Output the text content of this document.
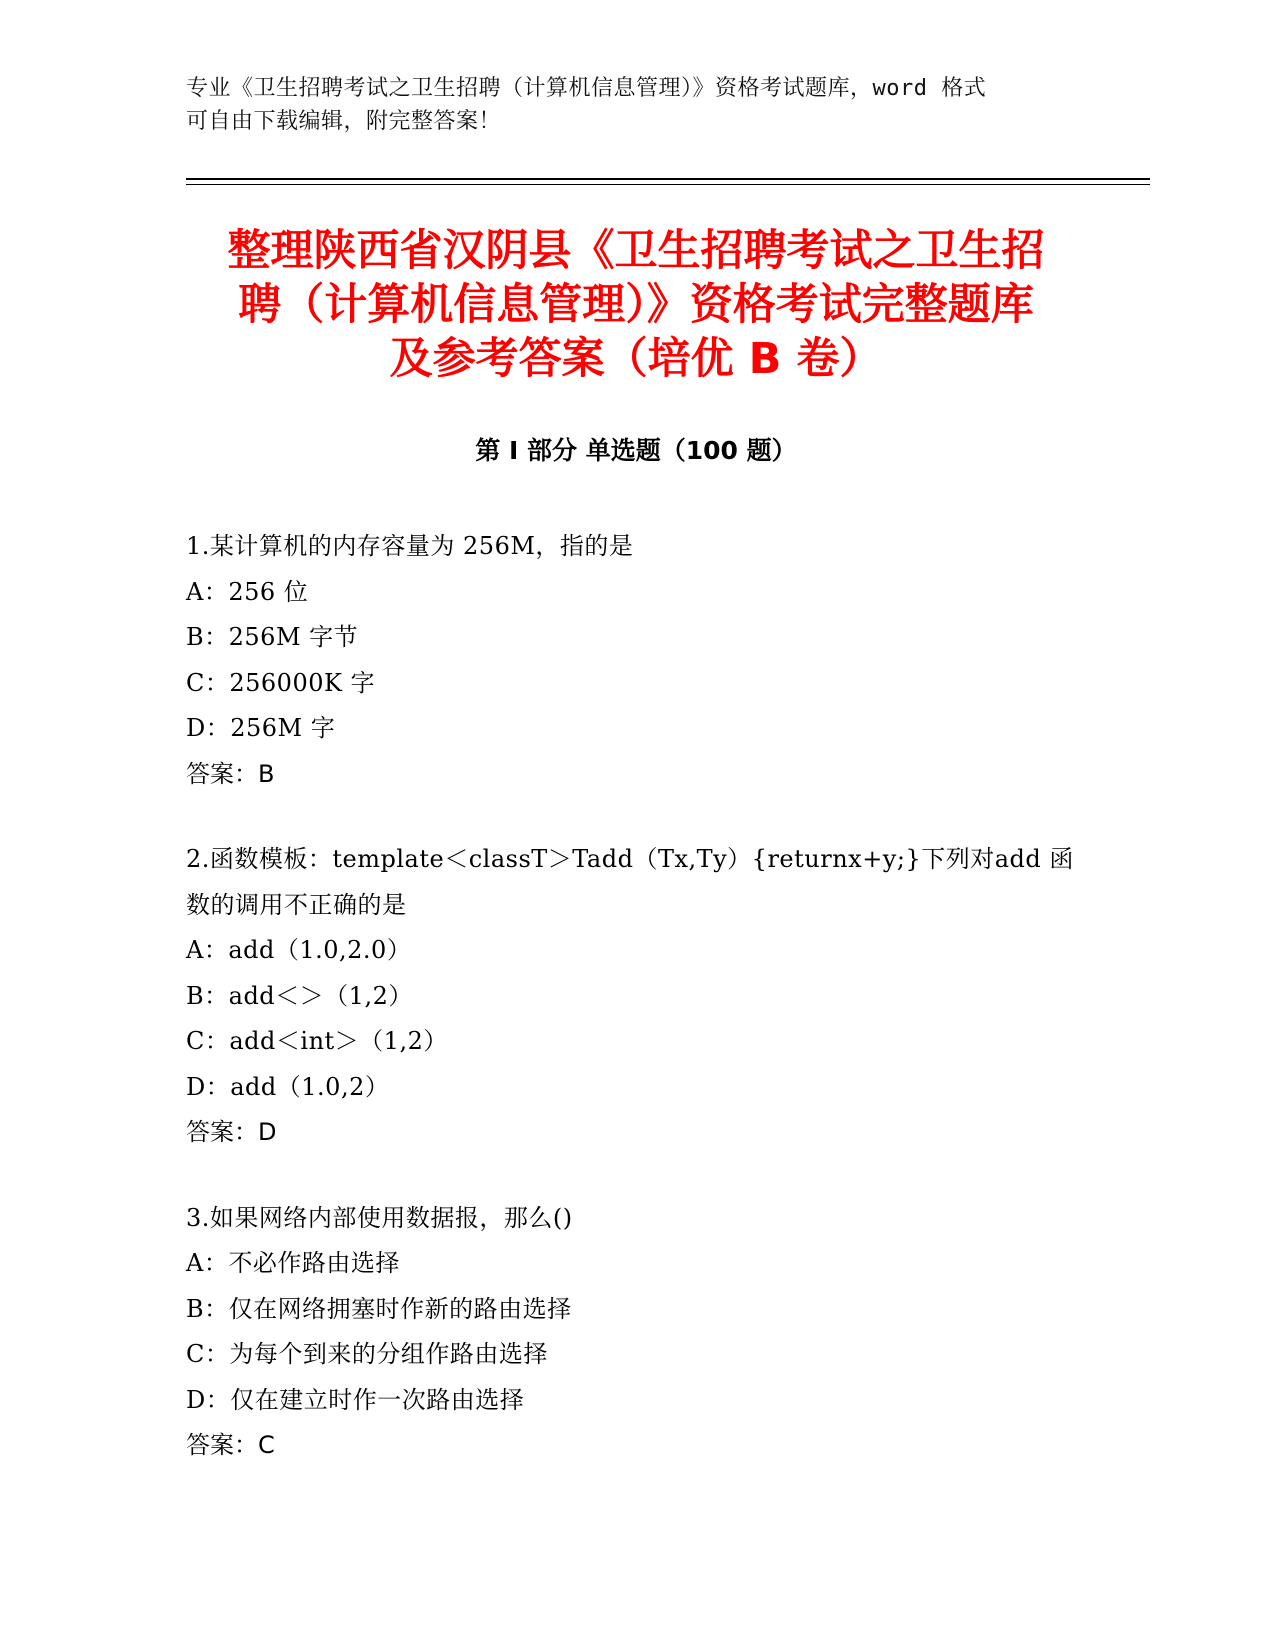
专业《卫生招聘考试之卫生招聘（计算机信息管理）》资格考试题库，word 格式
可自由下载编辑，附完整答案！
整理陕西省汉阴县《卫生招聘考试之卫生招
聘（计算机信息管理）》资格考试完整题库
及参考答案（培优 B 卷）
第 I 部分 单选题（100 题）
1.某计算机的内存容量为 256M，指的是
A：256 位
B：256M 字节
C：256000K 字
D：256M 字
答案：B
2.函数模板：template＜classT＞Tadd（Tx,Ty）{returnx+y;}下列对add 函数的调用不正确的是
A：add（1.0,2.0）
B：add＜＞（1,2）
C：add＜int＞（1,2）
D：add（1.0,2）
答案：D
3.如果网络内部使用数据报，那么()
A：不必作路由选择
B：仅在网络拥塞时作新的路由选择
C：为每个到来的分组作路由选择
D：仅在建立时作一次路由选择
答案：C
